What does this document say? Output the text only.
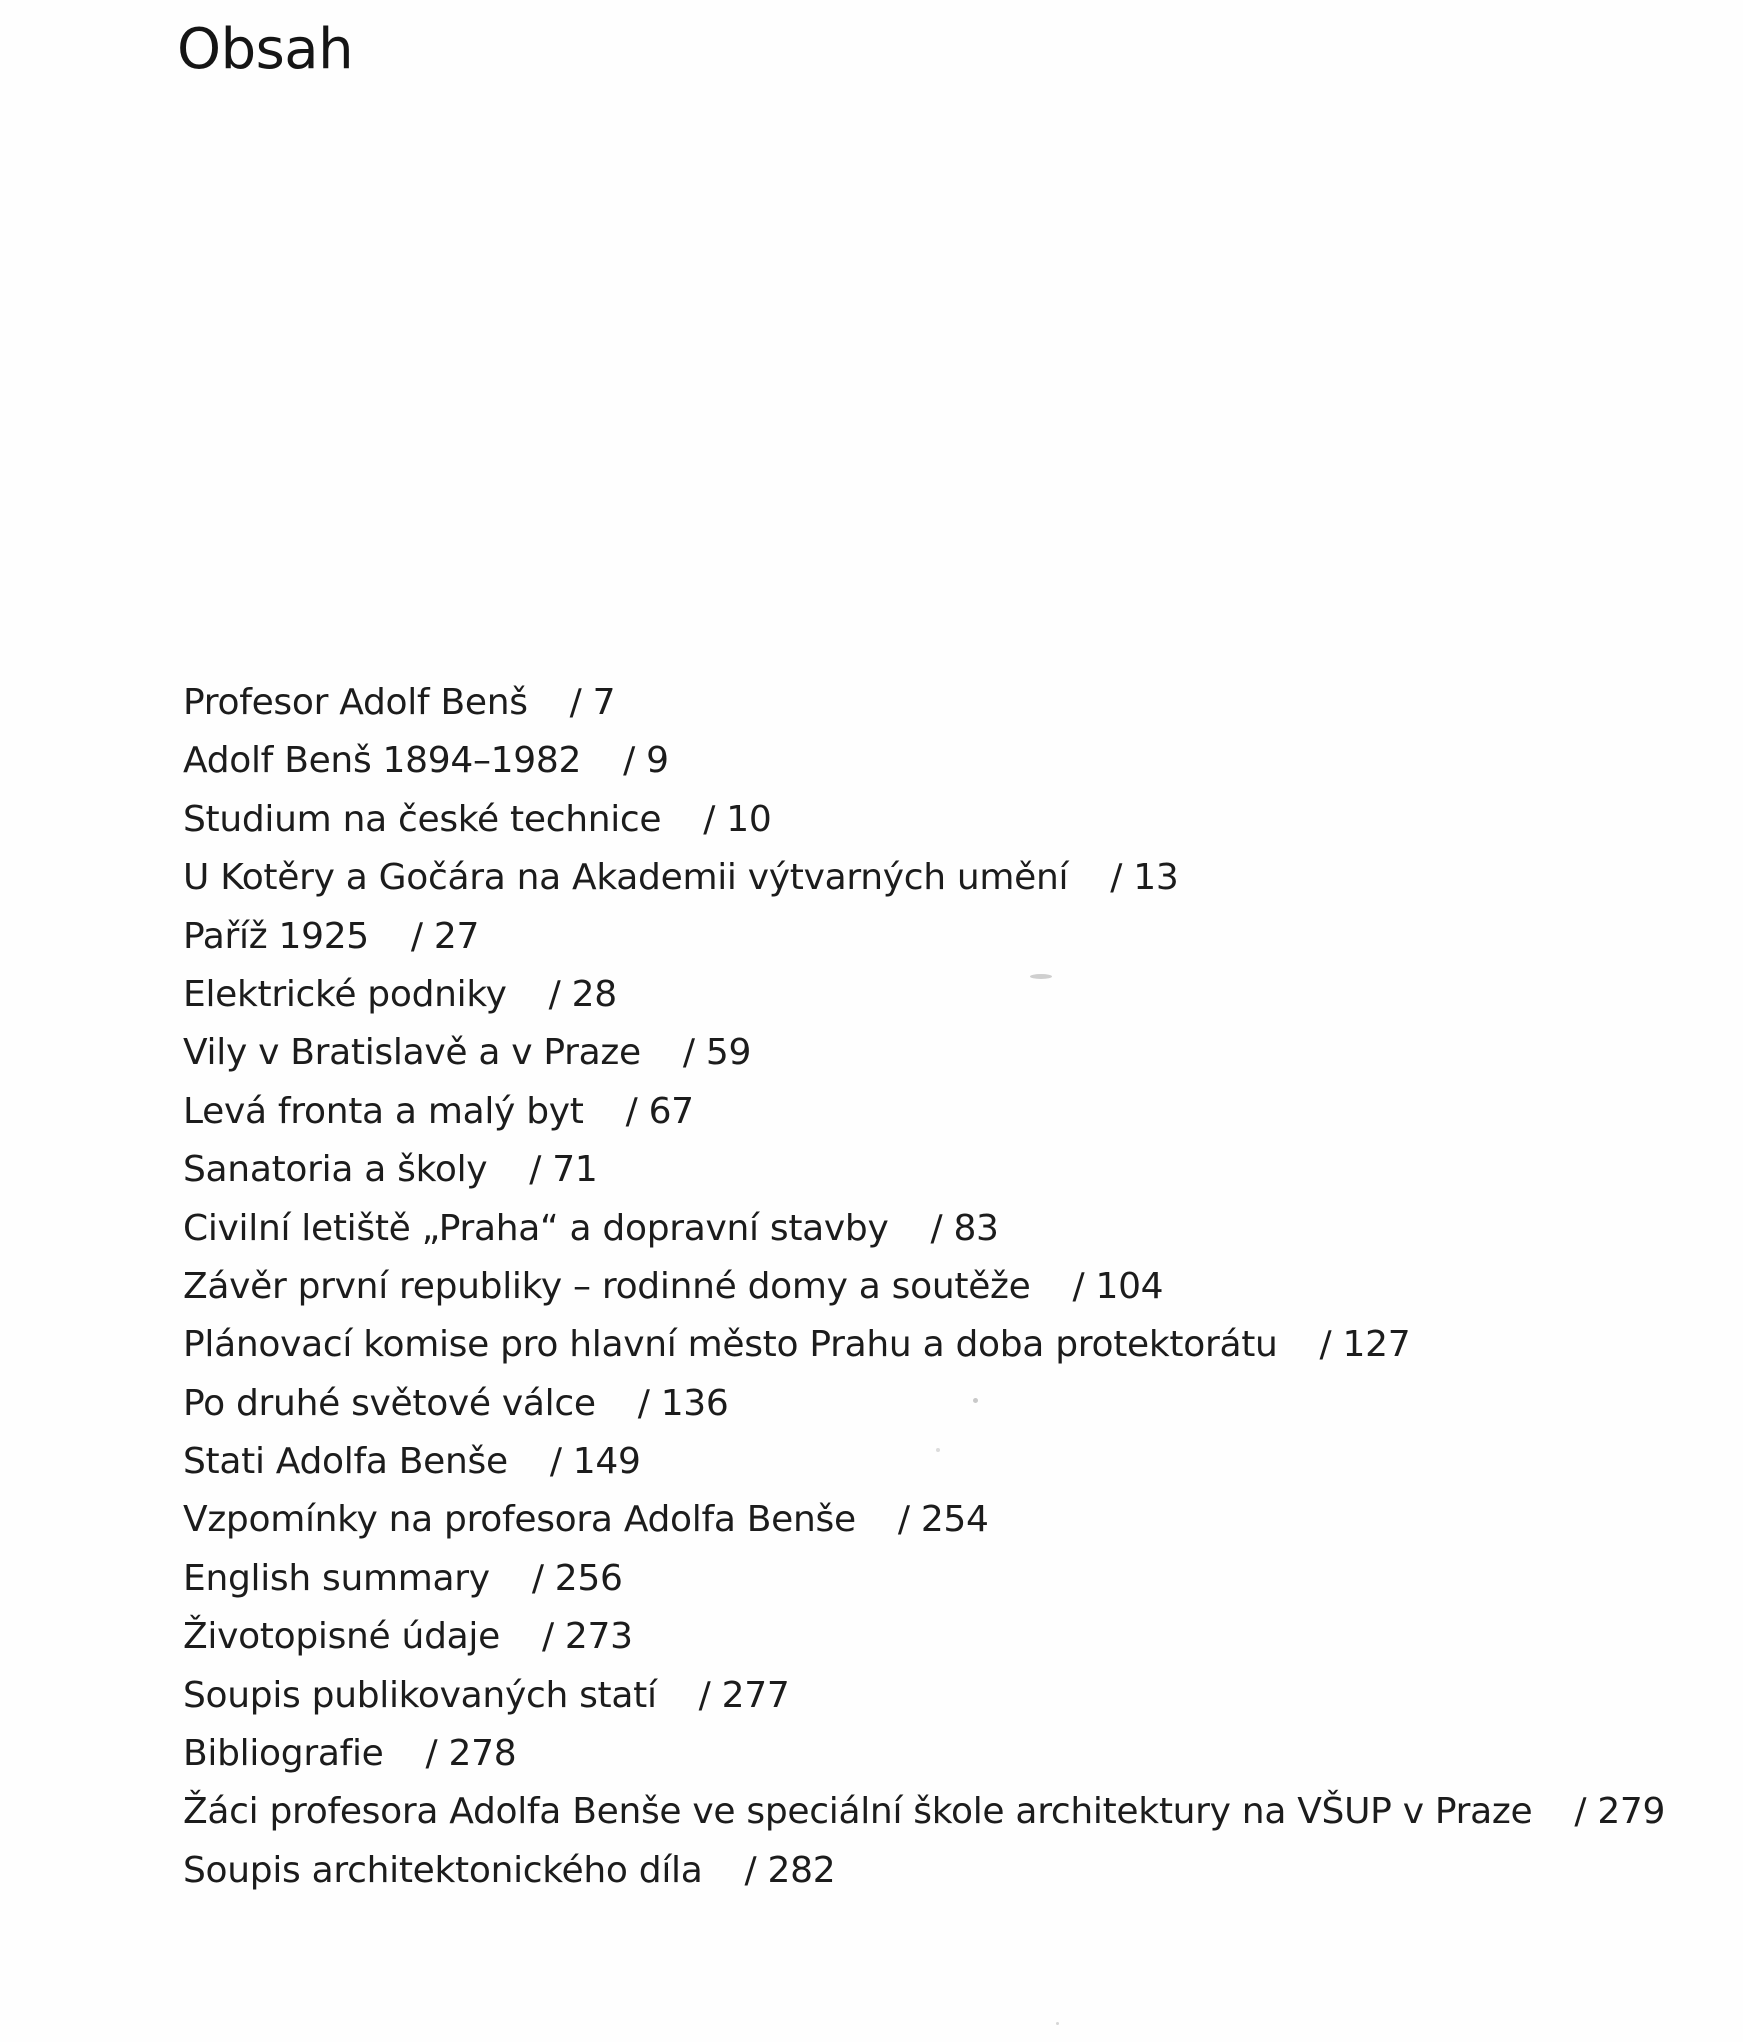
Obsah
Profesor Adolf Benš / 7
Adolf Benš 1894–1982 / 9
Studium na české technice / 10
U Kotěry a Gočára na Akademii výtvarných umění / 13
Paříž 1925 / 27
Elektrické podniky / 28
Vily v Bratislavě a v Praze / 59
Levá fronta a malý byt / 67
Sanatoria a školy / 71
Civilní letiště „Praha“ a dopravní stavby / 83
Závěr první republiky – rodinné domy a soutěže / 104
Plánovací komise pro hlavní město Prahu a doba protektorátu / 127
Po druhé světové válce / 136
Stati Adolfa Benše / 149
Vzpomínky na profesora Adolfa Benše / 254
English summary / 256
Životopisné údaje / 273
Soupis publikovaných statí / 277
Bibliografie / 278
Žáci profesora Adolfa Benše ve speciální škole architektury na VŠUP v Praze / 279
Soupis architektonického díla / 282
